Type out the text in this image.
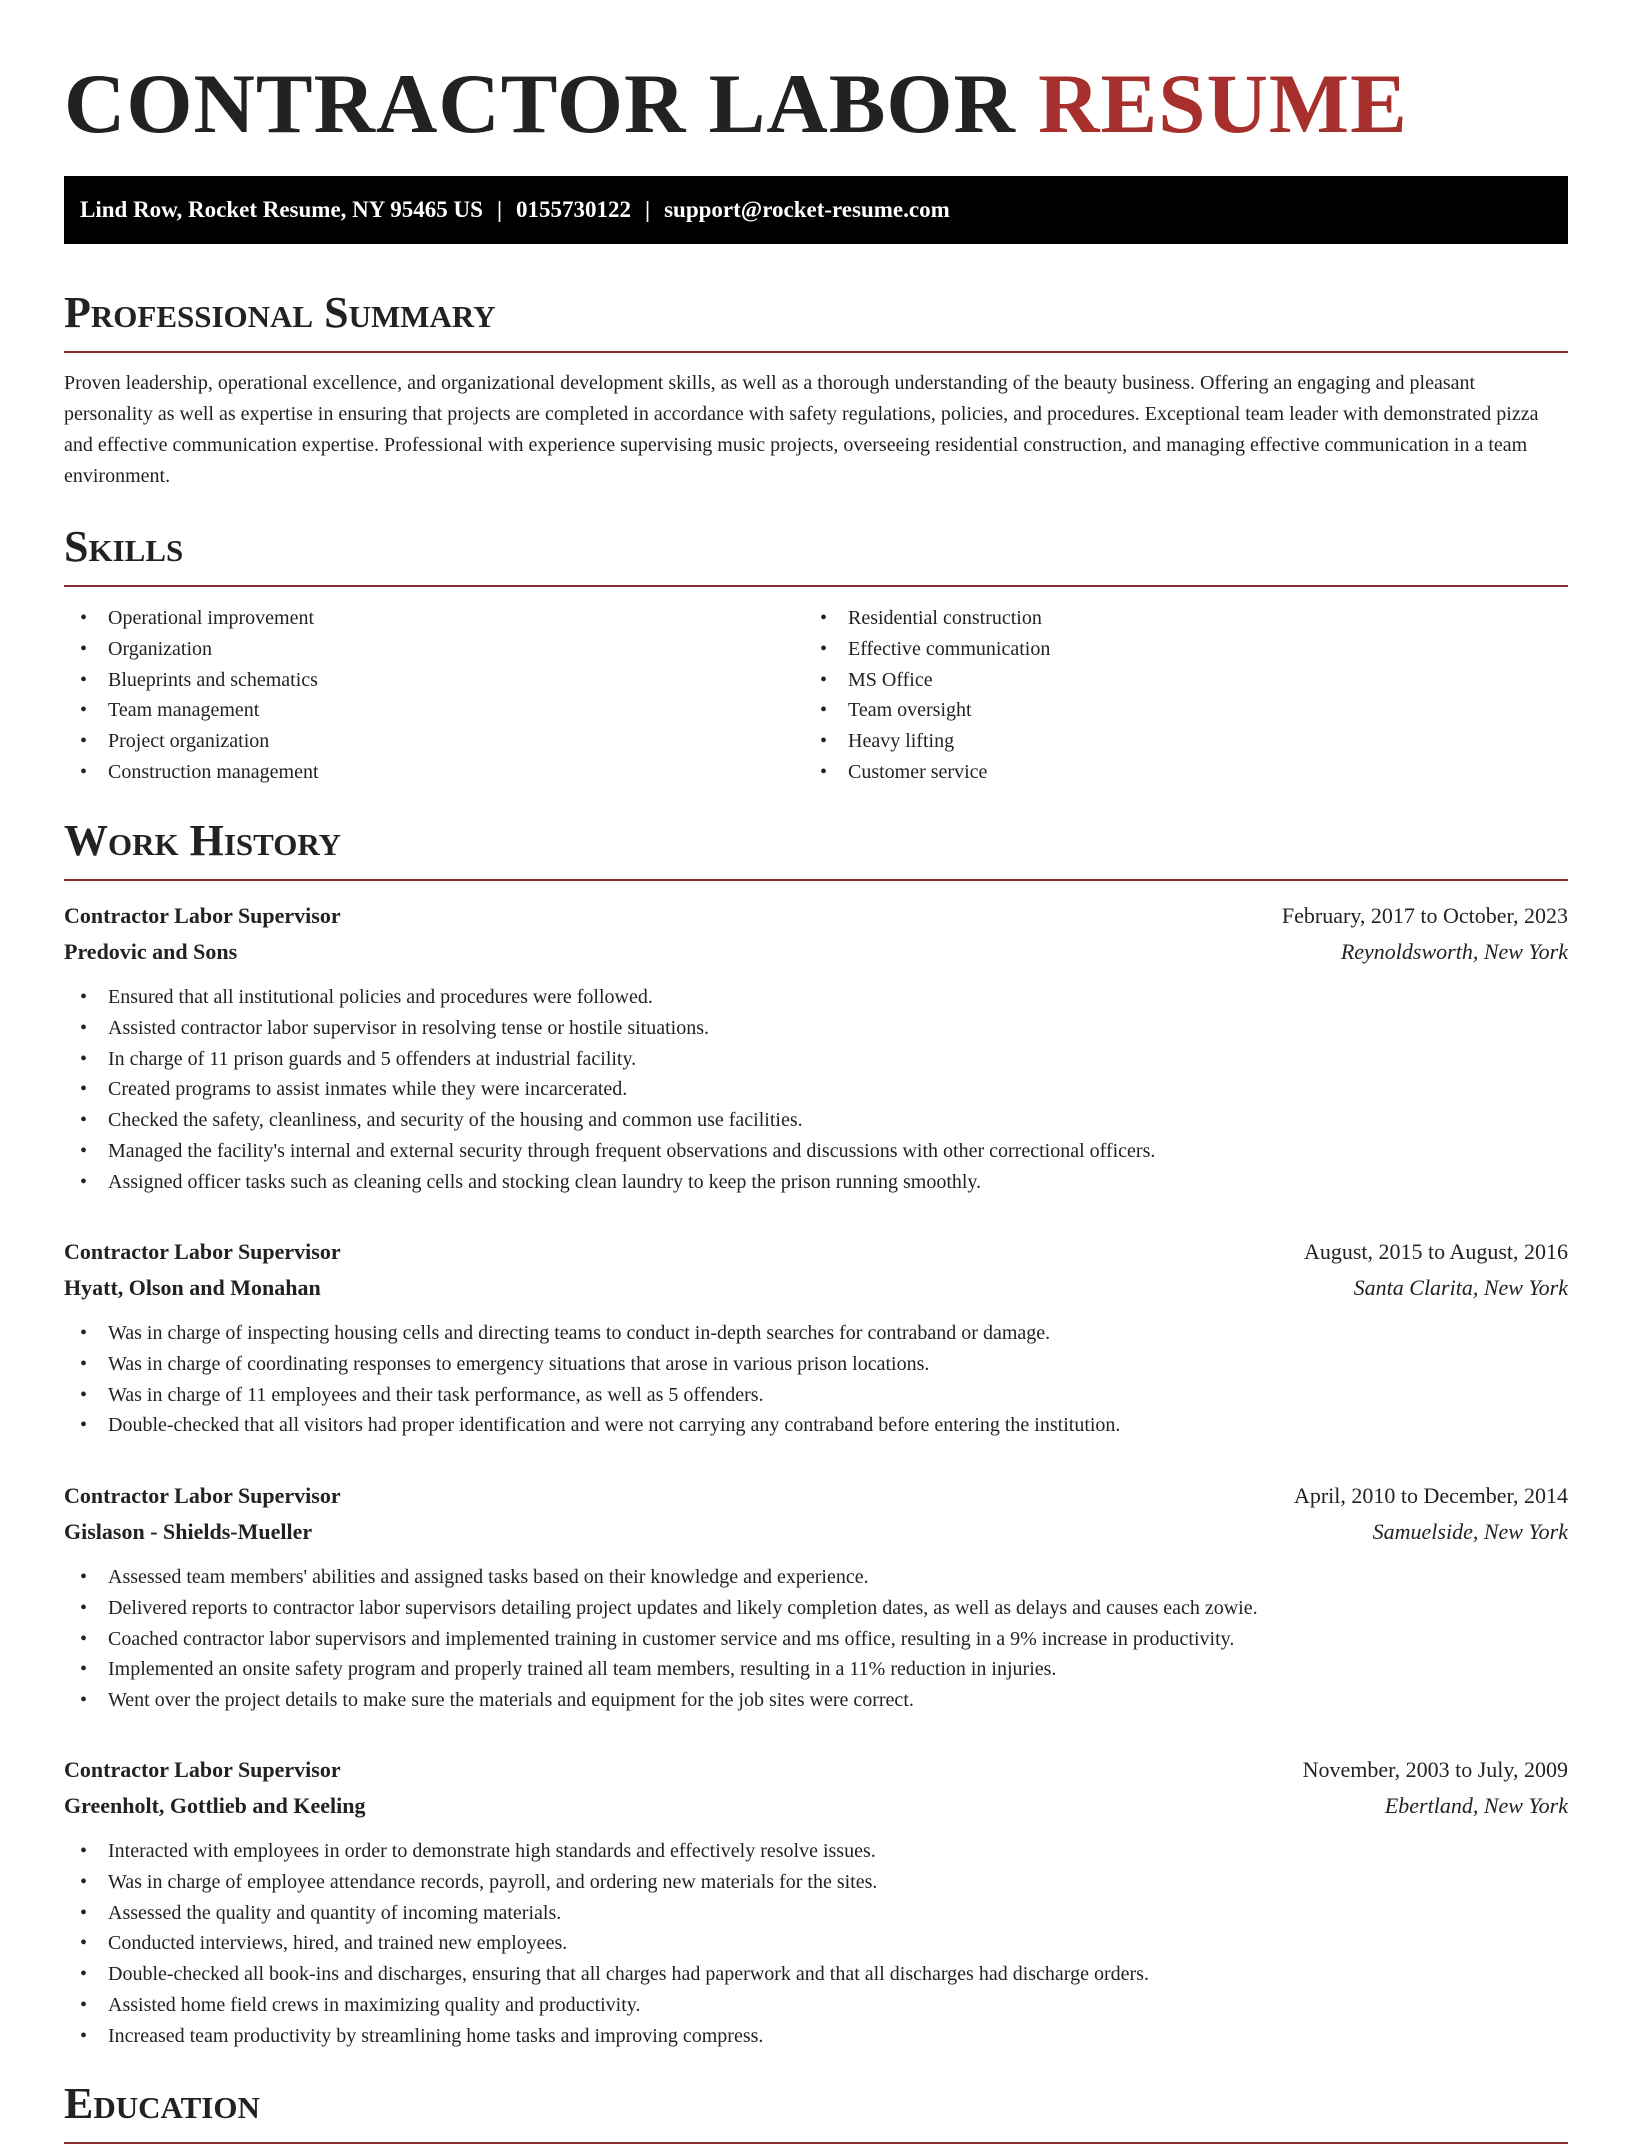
CONTRACTOR LABOR RESUME
Lind Row, Rocket Resume, NY 95465 US | 0155730122 | support@rocket-resume.com
Professional Summary

Proven leadership, operational excellence, and organizational development skills, as well as a thorough understanding of the beauty business. Offering an engaging and pleasant personality as well as expertise in ensuring that projects are completed in accordance with safety regulations, policies, and procedures. Exceptional team leader with demonstrated pizza and effective communication expertise. Professional with experience supervising music projects, overseeing residential construction, and managing effective communication in a team environment.

Skills
• Operational improvement
• Organization
• Blueprints and schematics
• Team management
• Project organization
• Construction management
• Residential construction
• Effective communication
• MS Office
• Team oversight
• Heavy lifting
• Customer service
Work History
Contractor Labor Supervisor	February, 2017 to October, 2023
Predovic and Sons	Reynoldsworth, New York
• Ensured that all institutional policies and procedures were followed.
• Assisted contractor labor supervisor in resolving tense or hostile situations.
• In charge of 11 prison guards and 5 offenders at industrial facility.
• Created programs to assist inmates while they were incarcerated.
• Checked the safety, cleanliness, and security of the housing and common use facilities.
• Managed the facility's internal and external security through frequent observations and discussions with other correctional officers.
• Assigned officer tasks such as cleaning cells and stocking clean laundry to keep the prison running smoothly.
Contractor Labor Supervisor	August, 2015 to August, 2016
Hyatt, Olson and Monahan	Santa Clarita, New York
• Was in charge of inspecting housing cells and directing teams to conduct in-depth searches for contraband or damage.
• Was in charge of coordinating responses to emergency situations that arose in various prison locations.
• Was in charge of 11 employees and their task performance, as well as 5 offenders.
• Double-checked that all visitors had proper identification and were not carrying any contraband before entering the institution.
Contractor Labor Supervisor	April, 2010 to December, 2014
Gislason - Shields-Mueller	Samuelside, New York
• Assessed team members' abilities and assigned tasks based on their knowledge and experience.
• Delivered reports to contractor labor supervisors detailing project updates and likely completion dates, as well as delays and causes each zowie.
• Coached contractor labor supervisors and implemented training in customer service and ms office, resulting in a 9% increase in productivity.
• Implemented an onsite safety program and properly trained all team members, resulting in a 11% reduction in injuries.
• Went over the project details to make sure the materials and equipment for the job sites were correct.
Contractor Labor Supervisor	November, 2003 to July, 2009
Greenholt, Gottlieb and Keeling	Ebertland, New York
• Interacted with employees in order to demonstrate high standards and effectively resolve issues.
• Was in charge of employee attendance records, payroll, and ordering new materials for the sites.
• Assessed the quality and quantity of incoming materials.
• Conducted interviews, hired, and trained new employees.
• Double-checked all book-ins and discharges, ensuring that all charges had paperwork and that all discharges had discharge orders.
• Assisted home field crews in maximizing quality and productivity.
• Increased team productivity by streamlining home tasks and improving compress.
Education
